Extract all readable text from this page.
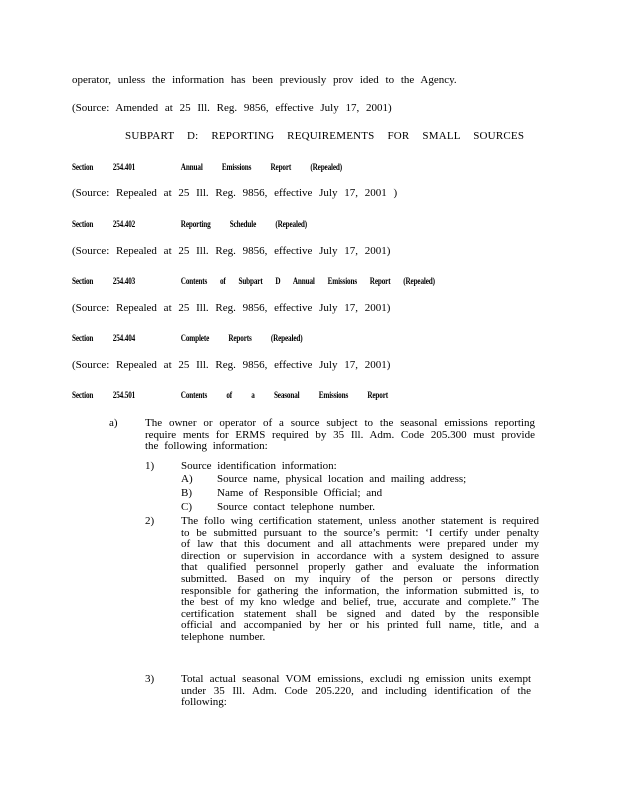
operator, unless the information has been previously prov ided to the Agency.
(Source: Amended at 25 Ill. Reg. 9856, effective July 17, 2001)
SUBPART D: REPORTING REQUIREMENTS FOR SMALL SOURCES
Section 254.401	Annual Emissions Report (Repealed)
(Source: Repealed at 25 Ill. Reg. 9856, effective July 17, 2001 )
Section 254.402	Reporting Schedule (Repealed)
(Source: Repealed at 25 Ill. Reg. 9856, effective July 17, 2001)
Section 254.403	Contents of Subpart D Annual Emissions Report (Repealed)
(Source: Repealed at 25 Ill. Reg. 9856, effective July 17, 2001)
Section 254.404	Complete Reports (Repealed)
(Source: Repealed at 25 Ill. Reg. 9856, effective July 17, 2001)
Section 254.501	Contents of a Seasonal Emissions Report
a) The owner or operator of a source subject to the seasonal emissions reporting require ments for ERMS required by 35 Ill. Adm. Code 205.300 must provide the following information:
1) Source identification information:
A) Source name, physical location and mailing address;
B) Name of Responsible Official; and
C) Source contact telephone number.
2) The follo wing certification statement, unless another statement is required to be submitted pursuant to the source’s permit: ‘I certify under penalty of law that this document and all attachments were prepared under my direction or supervision in accordance with a system designed to assure that qualified personnel properly gather and evaluate the information submitted. Based on my inquiry of the person or persons directly responsible for gathering the information, the information submitted is, to the best of my kno wledge and belief, true, accurate and complete.” The certification statement shall be signed and dated by the responsible official and accompanied by her or his printed full name, title, and a telephone number.
3) Total actual seasonal VOM emissions, excludi ng emission units exempt under 35 Ill. Adm. Code 205.220, and including identification of the following:
